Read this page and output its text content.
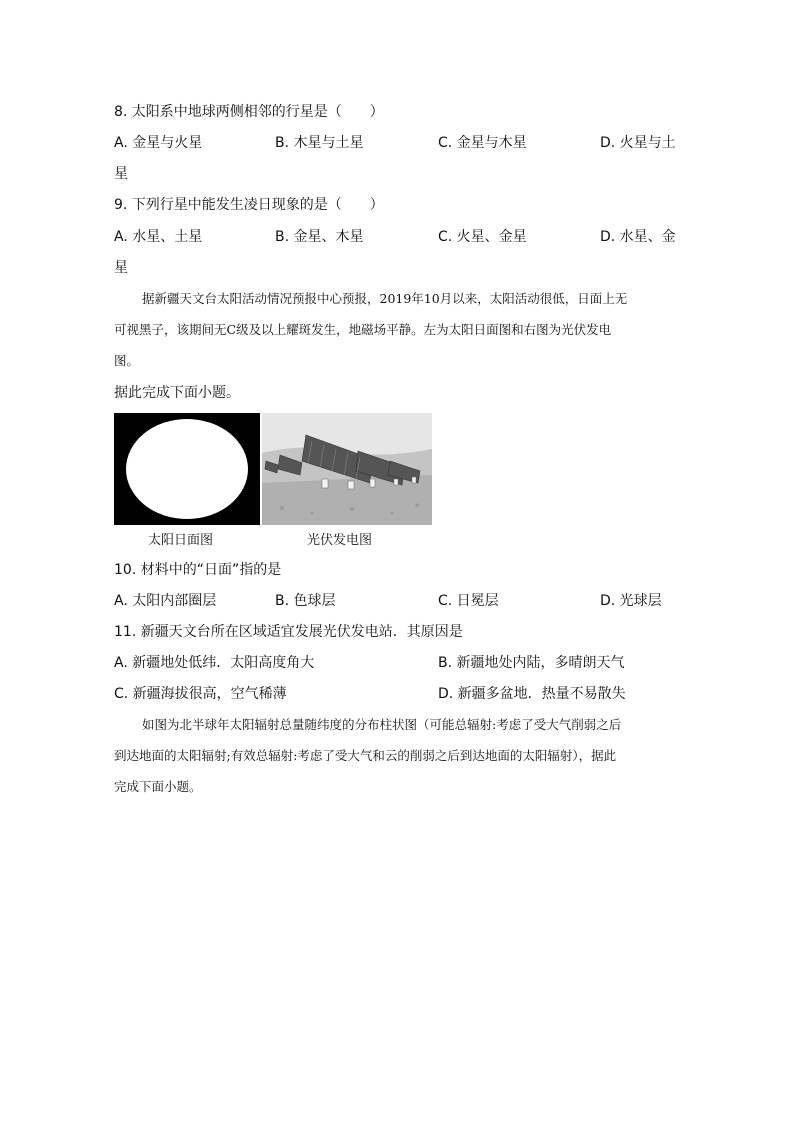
8. 太阳系中地球两侧相邻的行星是（　　）
A. 金星与火星	B. 木星与土星	C. 金星与木星	D. 火星与土
星
9. 下列行星中能发生凌日现象的是（　　）
A. 水星、土星	B. 金星、木星	C. 火星、金星	D. 水星、金
星
据新疆天文台太阳活动情况预报中心预报，2019年10月以来，太阳活动很低，日面上无
可视黑子，该期间无C级及以上耀斑发生，地磁场平静。左为太阳日面图和右图为光伏发电
图。
据此完成下面小题。
太阳日面图	光伏发电图
10. 材料中的“日面”指的是
A. 太阳内部圈层	B. 色球层	C. 日冕层	D. 光球层
11. 新疆天文台所在区域适宜发展光伏发电站．其原因是
A. 新疆地处低纬．太阳高度角大	B. 新疆地处内陆，多晴朗天气
C. 新疆海拔很高，空气稀薄	D. 新疆多盆地．热量不易散失
如图为北半球年太阳辐射总量随纬度的分布柱状图（可能总辐射:考虑了受大气削弱之后
到达地面的太阳辐射;有效总辐射:考虑了受大气和云的削弱之后到达地面的太阳辐射），据此
完成下面小题。
